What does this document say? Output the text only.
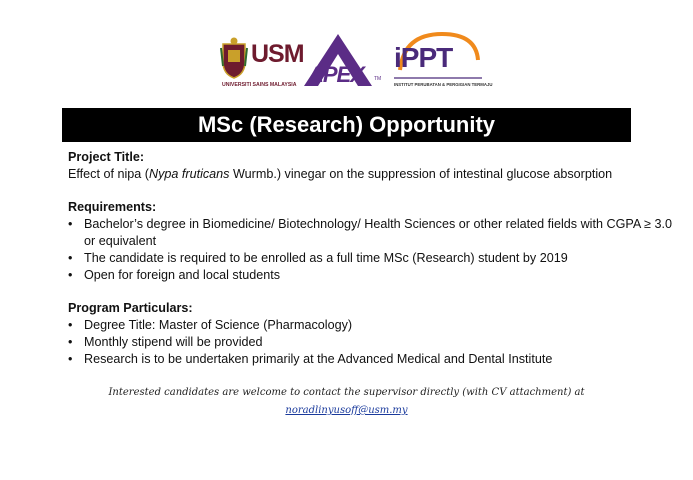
USM
UNIVERSITI SAINS MALAYSIA APEX TM
iPPT
INSTITUT PERUBATAN & PERGIGIAN TERMAJU
MSc (Research) Opportunity
Project Title:

Effect of nipa (Nypa fruticans Wurmb.) vinegar on the suppression of intestinal glucose absorption

Requirements:
• Bachelor’s degree in Biomedicine/ Biotechnology/ Health Sciences or other related fields with CGPA ≥ 3.0 or equivalent
• The candidate is required to be enrolled as a full time MSc (Research) student by 2019
• Open for foreign and local students
Program Particulars:
• Degree Title: Master of Science (Pharmacology)
• Monthly stipend will be provided
• Research is to be undertaken primarily at the Advanced Medical and Dental Institute
Interested candidates are welcome to contact the supervisor directly (with CV attachment) at
noradlinyusoff@usm.my
